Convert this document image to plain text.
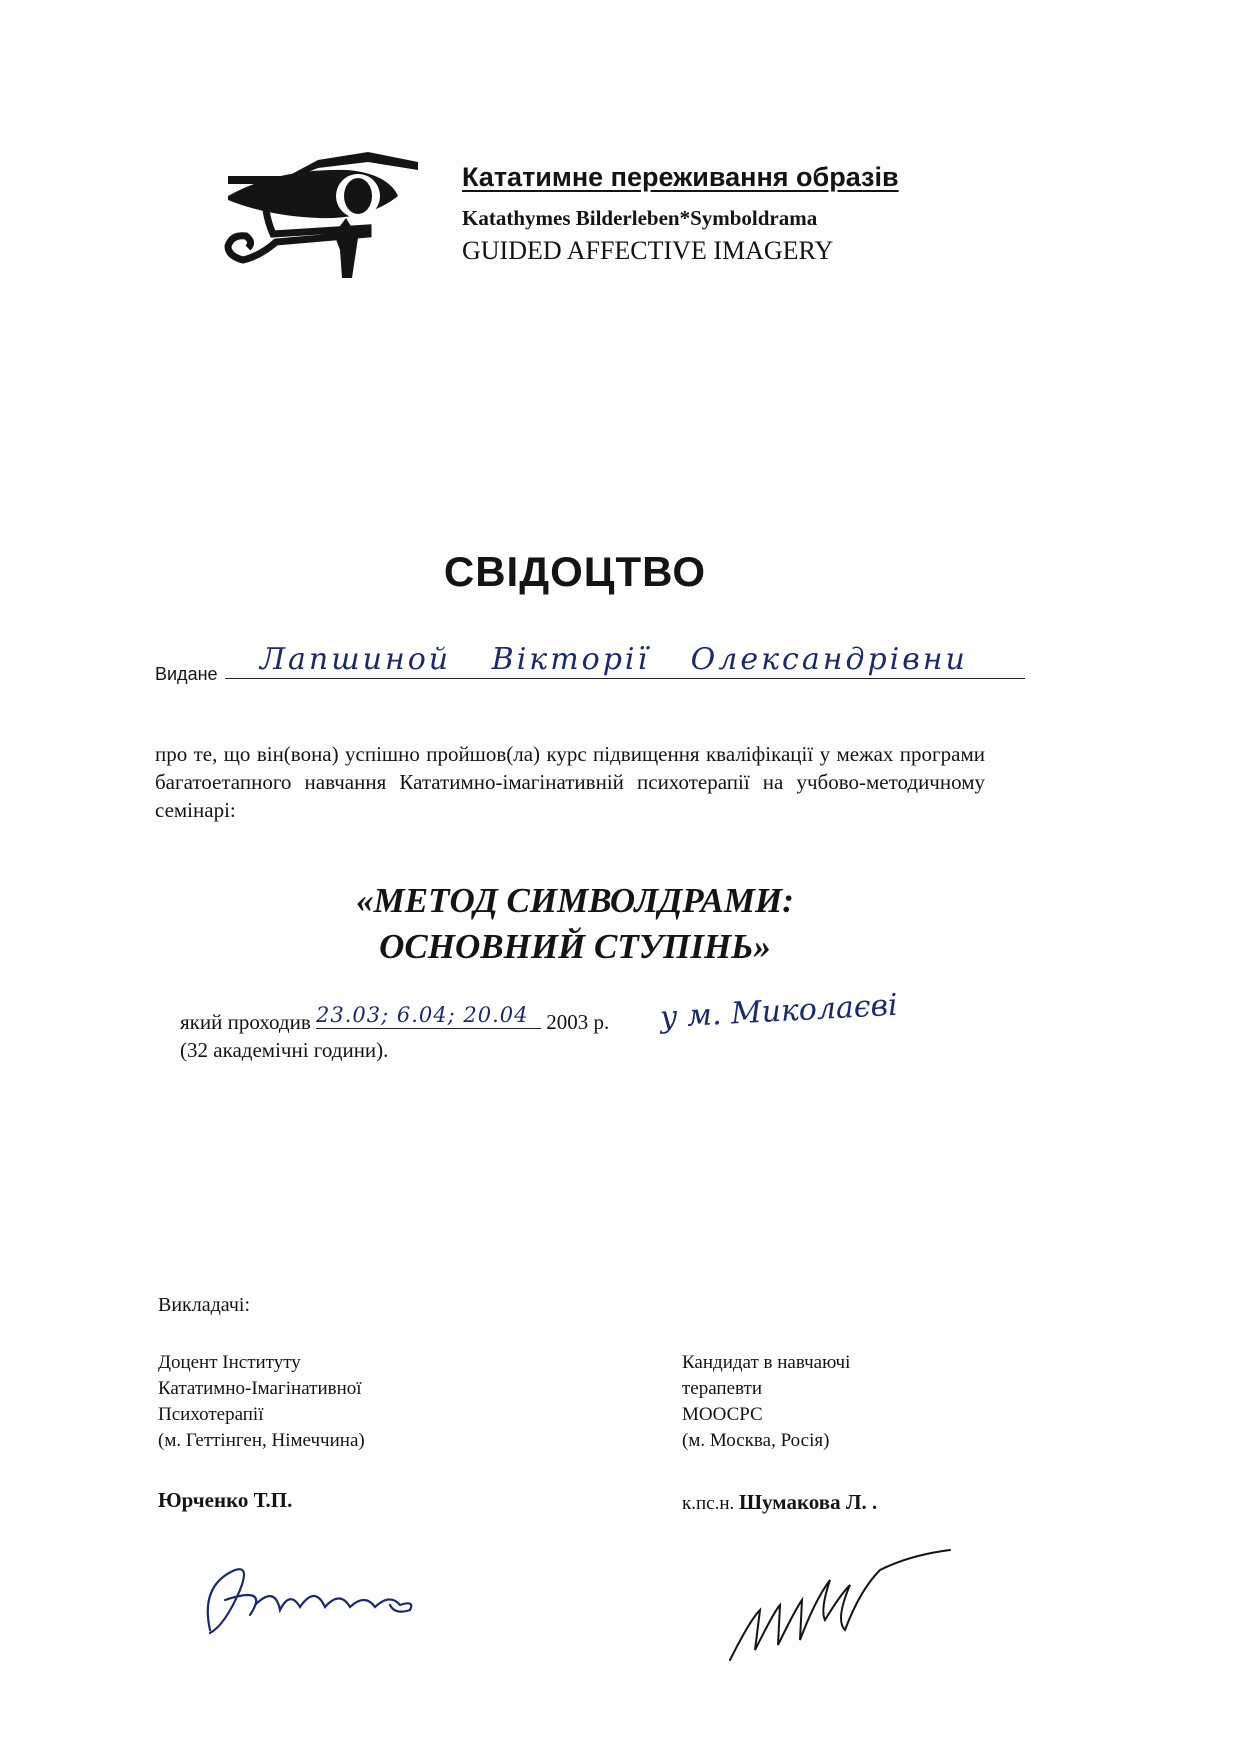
Кататимне переживання образів
Katathymes Bilderleben*Symboldrama
GUIDED AFFECTIVE IMAGERY
СВІДОЦТВО
Видане Лапшиной Вікторії Олександрівни
про те, що він(вона) успішно пройшов(ла) курс підвищення кваліфікації у межах програми багатоетапного навчання Кататимно-імагінативній психотерапії на учбово-методичному семінарі:
«МЕТОД СИМВОЛДРАМИ:
ОСНОВНИЙ СТУПІНЬ»
який проходив 23.03; 6.04; 20.04 2003 р. у м. Миколаєві
(32 академічні години).
Викладачі:
Доцент Інституту
Кататимно-Імагінативної
Психотерапії
(м. Геттінген, Німеччина)
Кандидат в навчаючі
терапевти
МООСРС
(м. Москва, Росія)
Юрченко Т.П.	к.пс.н. Шумакова Л. .
